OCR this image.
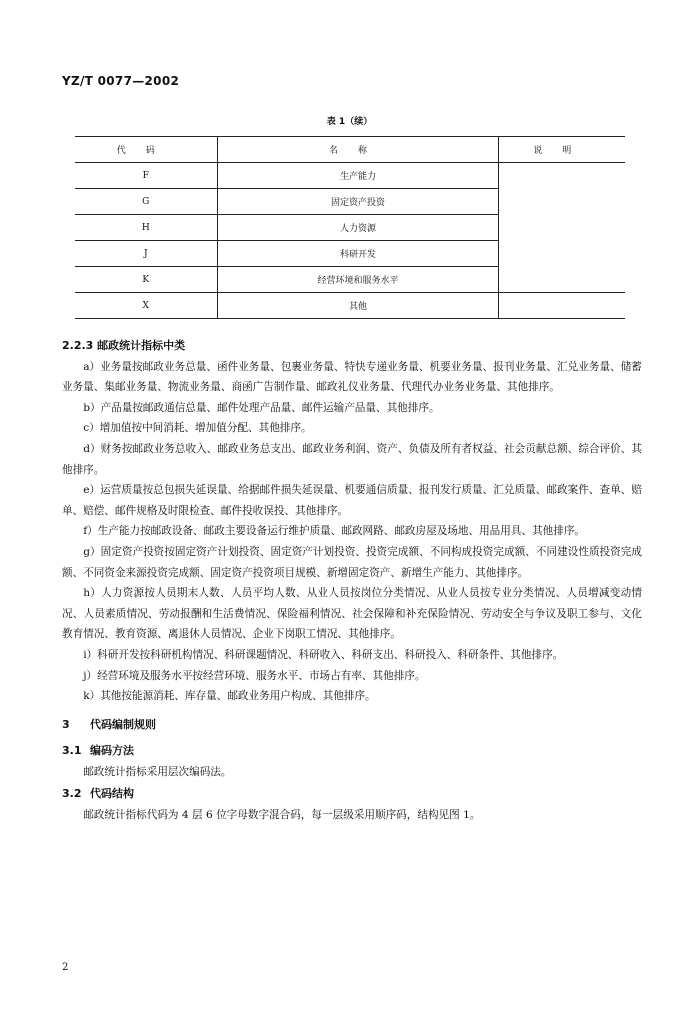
YZ/T 0077—2002
表 1（续）
代码	名称	说明
F	生产能力	
G	固定资产投资	
H	人力资源	
J	科研开发	
K	经营环境和服务水平	
X	其他	

2.2.3 邮政统计指标中类

a）业务量按邮政业务总量、函件业务量、包裹业务量、特快专递业务量、机要业务量、报刊业务量、汇兑业务量、储蓄业务量、集邮业务量、物流业务量、商函广告制作量、邮政礼仪业务量、代理代办业务业务量、其他排序。

b）产品量按邮政通信总量、邮件处理产品量、邮件运输产品量、其他排序。

c）增加值按中间消耗、增加值分配、其他排序。

d）财务按邮政业务总收入、邮政业务总支出、邮政业务利润、资产、负债及所有者权益、社会贡献总额、综合评价、其他排序。

e）运营质量按总包损失延误量、给据邮件损失延误量、机要通信质量、报刊发行质量、汇兑质量、邮政案件、查单、赔单、赔偿、邮件规格及时限检查、邮件投收误投、其他排序。

f）生产能力按邮政设备、邮政主要设备运行维护质量、邮政网路、邮政房屋及场地、用品用具、其他排序。

g）固定资产投资按固定资产计划投资、固定资产计划投资、投资完成额、不同构成投资完成额、不同建设性质投资完成额、不同资金来源投资完成额、固定资产投资项目规模、新增固定资产、新增生产能力、其他排序。

h）人力资源按人员期末人数、人员平均人数、从业人员按岗位分类情况、从业人员按专业分类情况、人员增减变动情况、人员素质情况、劳动报酬和生活费情况、保险福利情况、社会保障和补充保险情况、劳动安全与争议及职工参与、文化教育情况、教育资源、离退休人员情况、企业下岗职工情况、其他排序。

i）科研开发按科研机构情况、科研课题情况、科研收入、科研支出、科研投入、科研条件、其他排序。

j）经营环境及服务水平按经营环境、服务水平、市场占有率、其他排序。

k）其他按能源消耗、库存量、邮政业务用户构成、其他排序。

3 代码编制规则

3.1 编码方法

邮政统计指标采用层次编码法。

3.2 代码结构

邮政统计指标代码为 4 层 6 位字母数字混合码，每一层级采用顺序码，结构见图 1。

2
